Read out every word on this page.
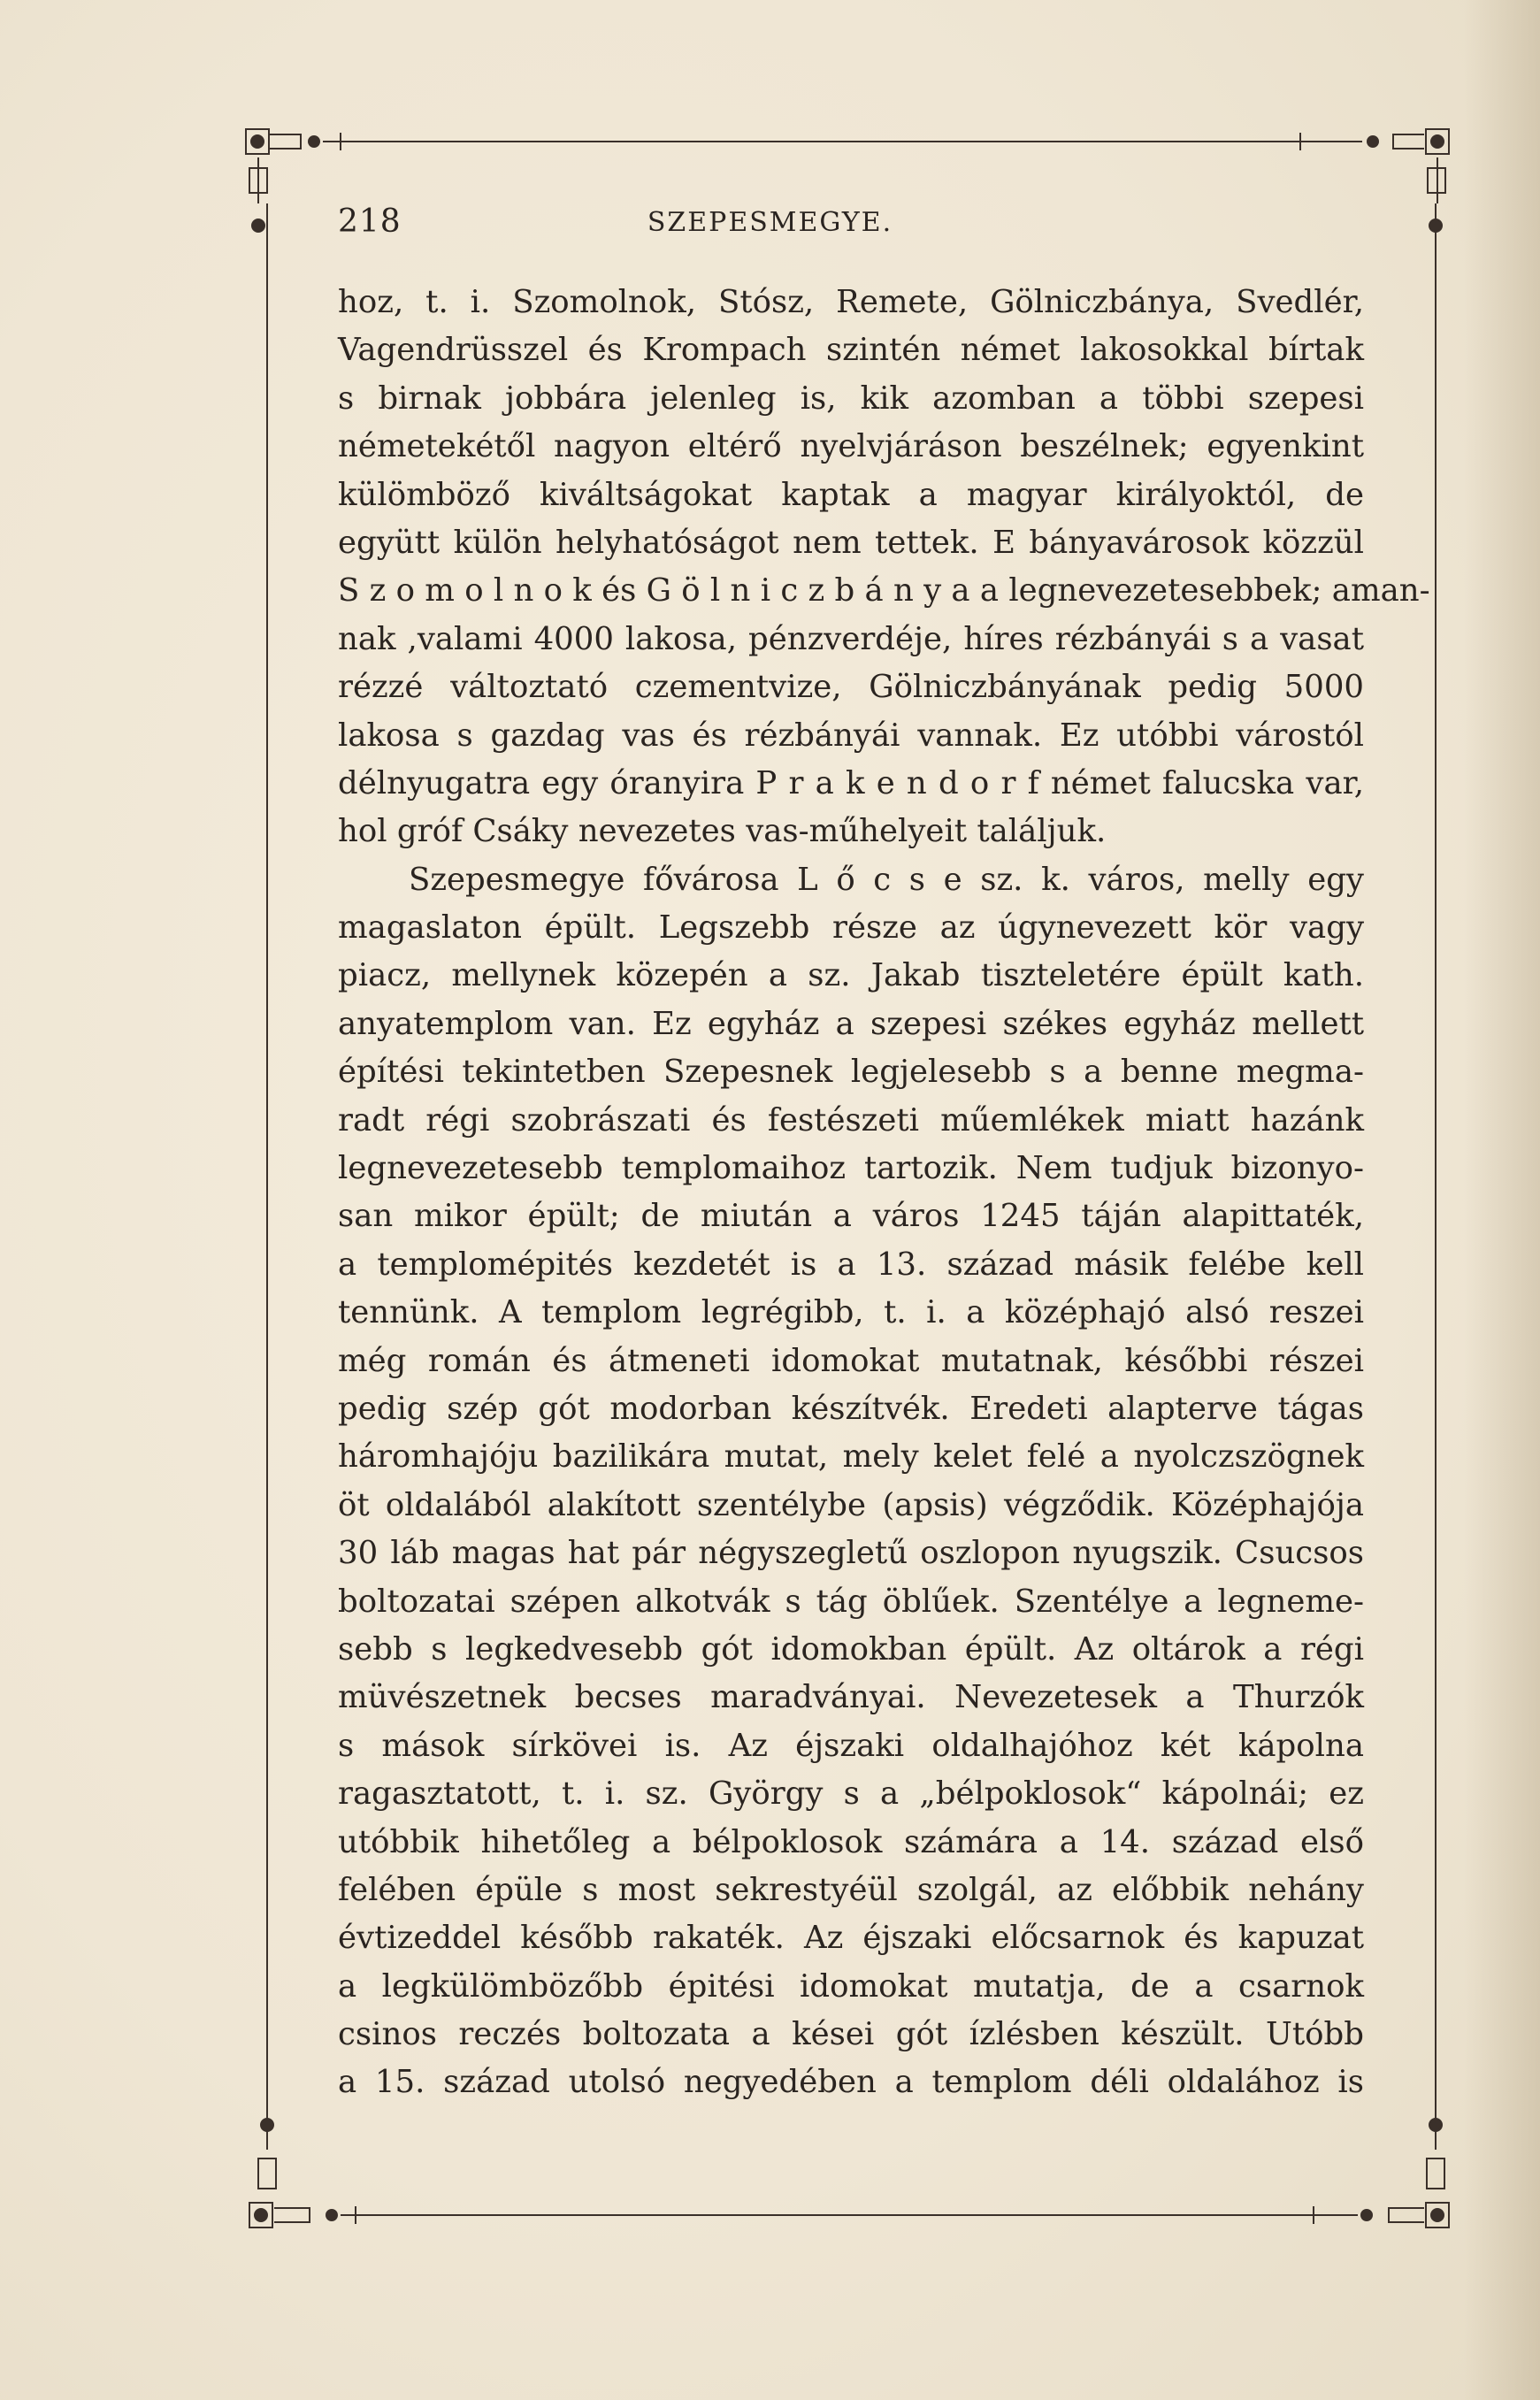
218	SZEPESMEGYE.
hoz, t. i. Szomolnok, Stósz, Remete, Gölniczbánya, Svedlér,
Vagendrüsszel és Krompach szintén német lakosokkal bírtak
s birnak jobbára jelenleg is, kik azomban a többi szepesi
németekétől nagyon eltérő nyelvjáráson beszélnek; egyenkint
külömböző kiváltságokat kaptak a magyar királyoktól, de
együtt külön helyhatóságot nem tettek. E bányavárosok közzül
S z o m o l n o k és G ö l n i c z b á n y a a legnevezetesebbek; aman-
nak ,valami 4000 lakosa, pénzverdéje, híres rézbányái s a vasat
rézzé változtató czementvize, Gölniczbányának pedig 5000
lakosa s gazdag vas és rézbányái vannak. Ez utóbbi várostól
délnyugatra egy óranyira P r a k e n d o r f német falucska var,
hol gróf Csáky nevezetes vas-műhelyeit találjuk.
Szepesmegye fővárosa L ő c s e sz. k. város, melly egy
magaslaton épült. Legszebb része az úgynevezett kör vagy
piacz, mellynek közepén a sz. Jakab tiszteletére épült kath.
anyatemplom van. Ez egyház a szepesi székes egyház mellett
építési tekintetben Szepesnek legjelesebb s a benne megma-
radt régi szobrászati és festészeti műemlékek miatt hazánk
legnevezetesebb templomaihoz tartozik. Nem tudjuk bizonyo-
san mikor épült; de miután a város 1245 táján alapittaték,
a templomépités kezdetét is a 13. század másik felébe kell
tennünk. A templom legrégibb, t. i. a középhajó alsó reszei
még román és átmeneti idomokat mutatnak, későbbi részei
pedig szép gót modorban készítvék. Eredeti alapterve tágas
háromhajóju bazilikára mutat, mely kelet felé a nyolczszögnek
öt oldalából alakított szentélybe (apsis) végződik. Középhajója
30 láb magas hat pár négyszegletű oszlopon nyugszik. Csucsos
boltozatai szépen alkotvák s tág öblűek. Szentélye a legneme-
sebb s legkedvesebb gót idomokban épült. Az oltárok a régi
müvészetnek becses maradványai. Nevezetesek a Thurzók
s mások sírkövei is. Az éjszaki oldalhajóhoz két kápolna
ragasztatott, t. i. sz. György s a „bélpoklosok“ kápolnái; ez
utóbbik hihetőleg a bélpoklosok számára a 14. század első
felében épüle s most sekrestyéül szolgál, az előbbik nehány
évtizeddel később rakaték. Az éjszaki előcsarnok és kapuzat
a legkülömbözőbb épitési idomokat mutatja, de a csarnok
csinos reczés boltozata a kései gót ízlésben készült. Utóbb
a 15. század utolsó negyedében a templom déli oldalához is
